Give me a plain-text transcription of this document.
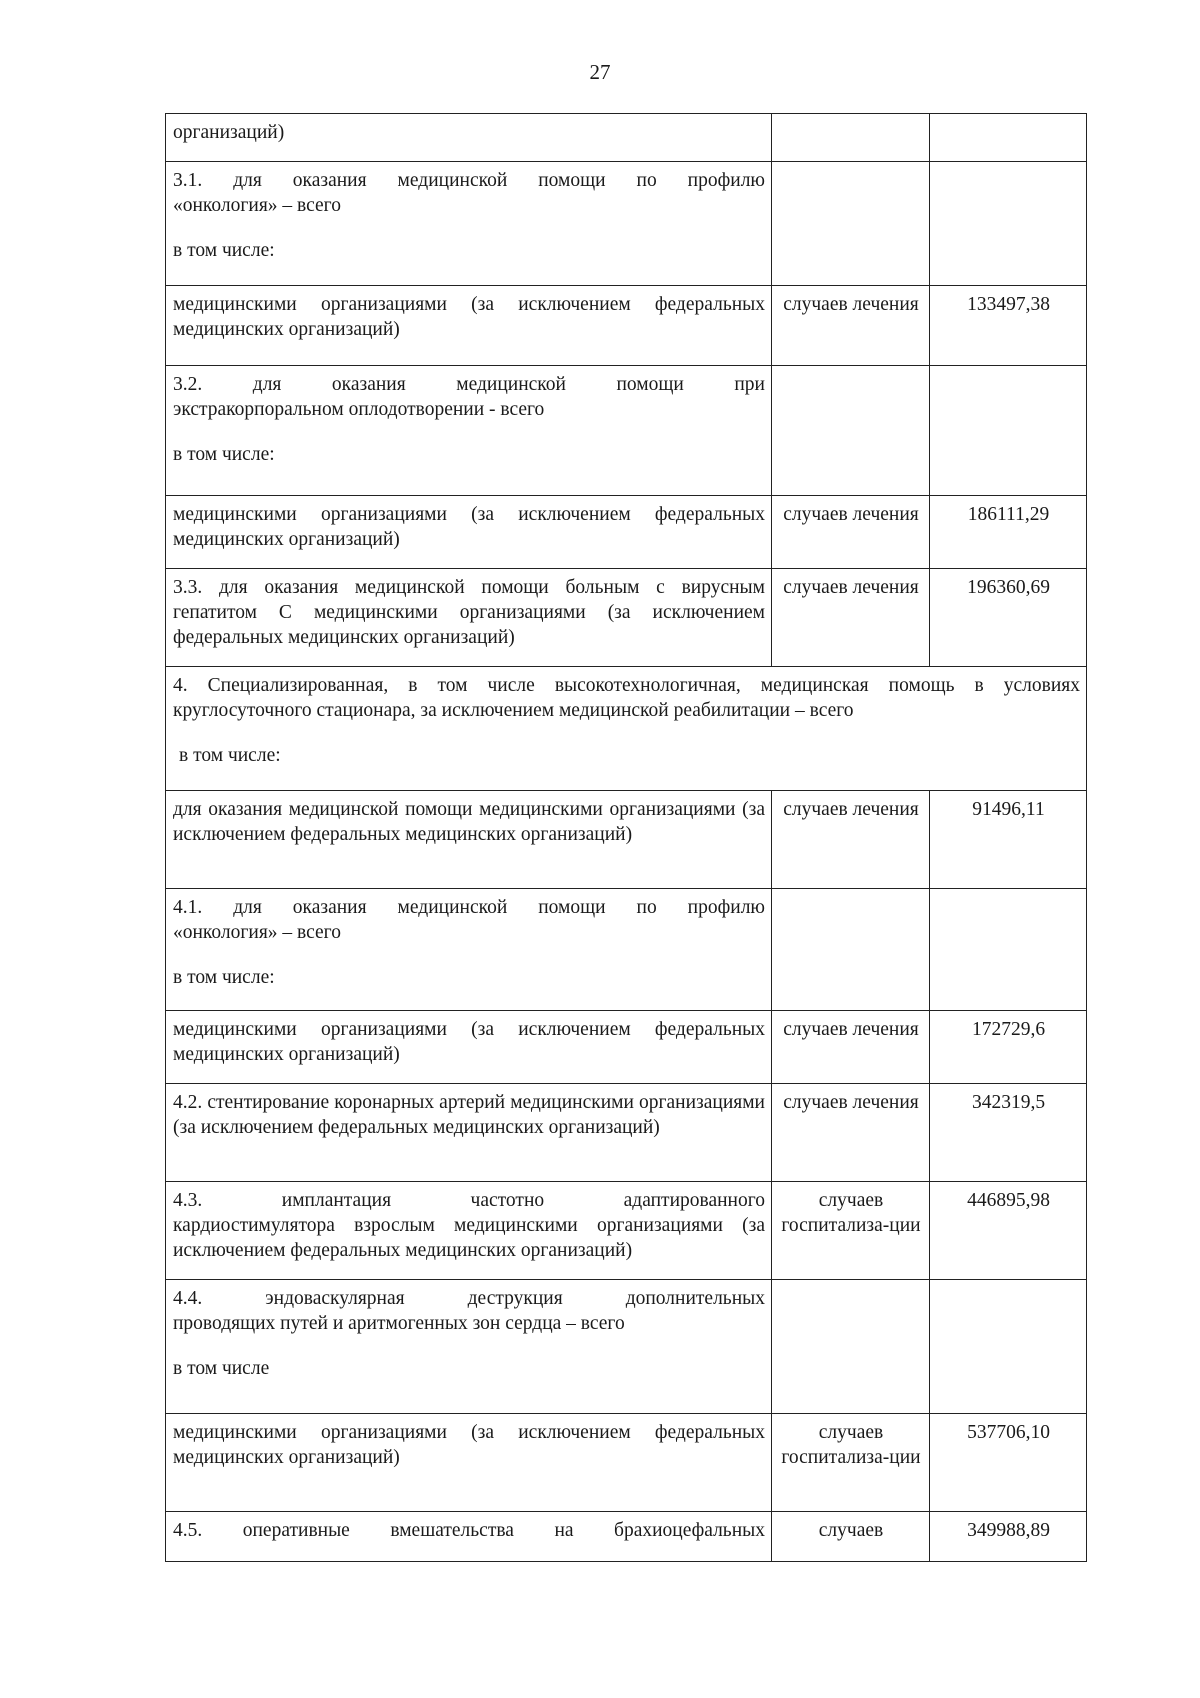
27
организаций)		

3.1. для оказания медицинской помощи по профилю
«онкология» – всего
в том числе:		

медицинскими организациями (за исключением федеральных медицинских организаций)	случаев лечения	133497,38

3.2. для оказания медицинской помощи при
экстракорпоральном оплодотворении - всего
в том числе:		

медицинскими организациями (за исключением федеральных медицинских организаций)	случаев лечения	186111,29
3.3. для оказания медицинской помощи больным с вирусным гепатитом С медицинскими организациями (за исключением федеральных медицинских организаций)	случаев лечения	196360,69
4. Специализированная, в том числе высокотехнологичная, медицинская помощь в условиях круглосуточного стационара, за исключением медицинской реабилитации – всего
в том числе:		

для оказания медицинской помощи медицинскими организациями (за исключением федеральных медицинских организаций)	случаев лечения	91496,11

4.1. для оказания медицинской помощи по профилю
«онкология» – всего
в том числе:		

медицинскими организациями (за исключением федеральных медицинских организаций)	случаев лечения	172729,6
4.2. стентирование коронарных артерий медицинскими организациями (за исключением федеральных медицинских организаций)	случаев лечения	342319,5

4.3. имплантация частотно адаптированного
кардиостимулятора взрослым медицинскими организациями (за исключением федеральных медицинских организаций)	случаев госпитализа-ции	446895,98

4.4. эндоваскулярная деструкция дополнительных
проводящих путей и аритмогенных зон сердца – всего
в том числе		

медицинскими организациями (за исключением федеральных медицинских организаций)	случаев госпитализа-ции	537706,10

4.5. оперативные вмешательства на брахиоцефальных	случаев	349988,89
